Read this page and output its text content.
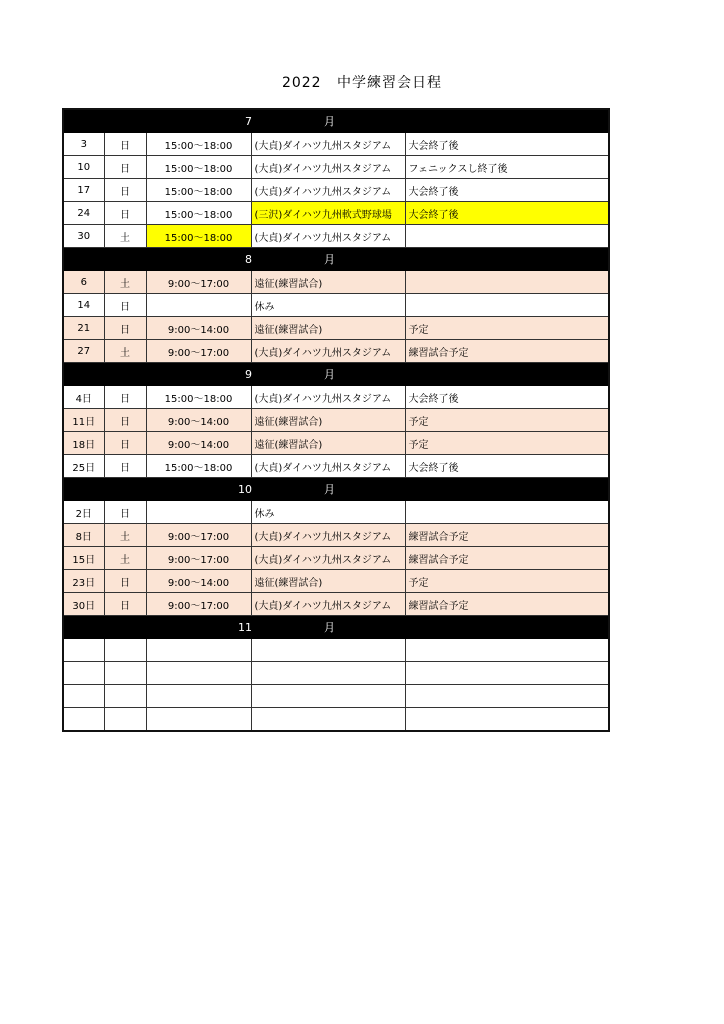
2022 中学練習会日程
7 月				
3	日	15:00～18:00	(大貞)ダイハツ九州スタジアム	大会終了後
10	日	15:00～18:00	(大貞)ダイハツ九州スタジアム	フェニックスし終了後
17	日	15:00～18:00	(大貞)ダイハツ九州スタジアム	大会終了後
24	日	15:00～18:00	(三沢)ダイハツ九州軟式野球場	大会終了後
30	土	15:00～18:00	(大貞)ダイハツ九州スタジアム	
8 月				
6	土	9:00～17:00	遠征(練習試合)	
14	日		休み	
21	日	9:00～14:00	遠征(練習試合)	予定
27	土	9:00～17:00	(大貞)ダイハツ九州スタジアム	練習試合予定
9 月				
4日	日	15:00～18:00	(大貞)ダイハツ九州スタジアム	大会終了後
11日	日	9:00～14:00	遠征(練習試合)	予定
18日	日	9:00～14:00	遠征(練習試合)	予定
25日	日	15:00～18:00	(大貞)ダイハツ九州スタジアム	大会終了後
10 月				
2日	日		休み	
8日	土	9:00～17:00	(大貞)ダイハツ九州スタジアム	練習試合予定
15日	土	9:00～17:00	(大貞)ダイハツ九州スタジアム	練習試合予定
23日	日	9:00～14:00	遠征(練習試合)	予定
30日	日	9:00～17:00	(大貞)ダイハツ九州スタジアム	練習試合予定
11 月				
